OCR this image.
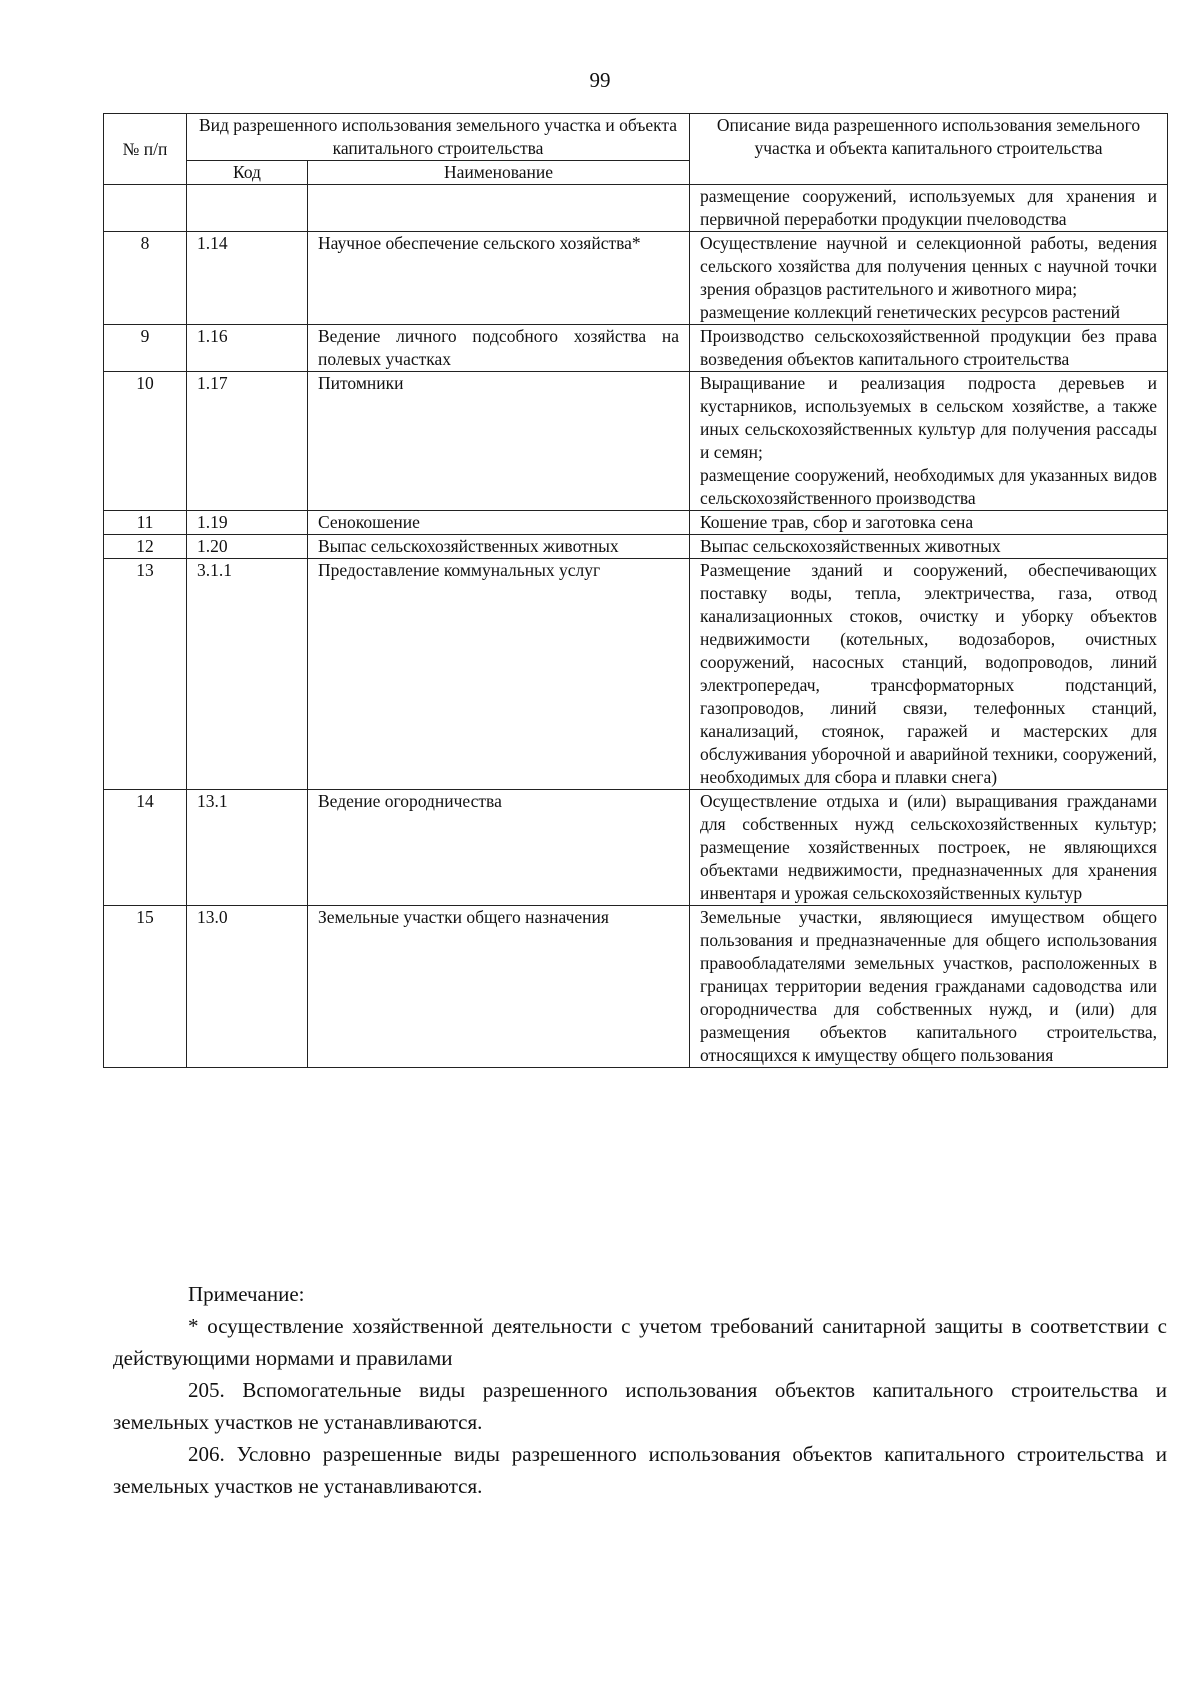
99
№ п/п	Вид разрешенного использования земельного участка и объекта капитального строительства		Описание вида разрешенного использования земельного участка и объекта капитального строительства
	Код	Наименование	

			размещение сооружений, используемых для хранения и первичной переработки продукции пчеловодства

8	1.14	Научное обеспечение сельского хозяйства*	Осуществление научной и селекционной работы, ведения сельского хозяйства для получения ценных с научной точки зрения образцов растительного и животного мира;
размещение коллекций генетических ресурсов растений

9	1.16	Ведение личного подсобного хозяйства на полевых участках	Производство сельскохозяйственной продукции без права возведения объектов капитального строительства

10	1.17	Питомники	Выращивание и реализация подроста деревьев и кустарников, используемых в сельском хозяйстве, а также иных сельскохозяйственных культур для получения рассады и семян;
размещение сооружений, необходимых для указанных видов сельскохозяйственного производства

11	1.19	Сенокошение	Кошение трав, сбор и заготовка сена

12	1.20	Выпас сельскохозяйственных животных	Выпас сельскохозяйственных животных

13	3.1.1	Предоставление коммунальных услуг	Размещение зданий и сооружений, обеспечивающих поставку воды, тепла, электричества, газа, отвод канализационных стоков, очистку и уборку объектов недвижимости (котельных, водозаборов, очистных сооружений, насосных станций, водопроводов, линий электропередач, трансформаторных подстанций, газопроводов, линий связи, телефонных станций, канализаций, стоянок, гаражей и мастерских для обслуживания уборочной и аварийной техники, сооружений, необходимых для сбора и плавки снега)

14	13.1	Ведение огородничества	Осуществление отдыха и (или) выращивания гражданами для собственных нужд сельскохозяйственных культур; размещение хозяйственных построек, не являющихся объектами недвижимости, предназначенных для хранения инвентаря и урожая сельскохозяйственных культур

15	13.0	Земельные участки общего назначения	Земельные участки, являющиеся имуществом общего пользования и предназначенные для общего использования правообладателями земельных участков, расположенных в границах территории ведения гражданами садоводства или огородничества для собственных нужд, и (или) для размещения объектов капитального строительства, относящихся к имуществу общего пользования

Примечание:

* осуществление хозяйственной деятельности с учетом требований санитарной защиты в соответствии с действующими нормами и правилами

205. Вспомогательные виды разрешенного использования объектов капитального строительства и земельных участков не устанавливаются.

206. Условно разрешенные виды разрешенного использования объектов капитального строительства и земельных участков не устанавливаются.
